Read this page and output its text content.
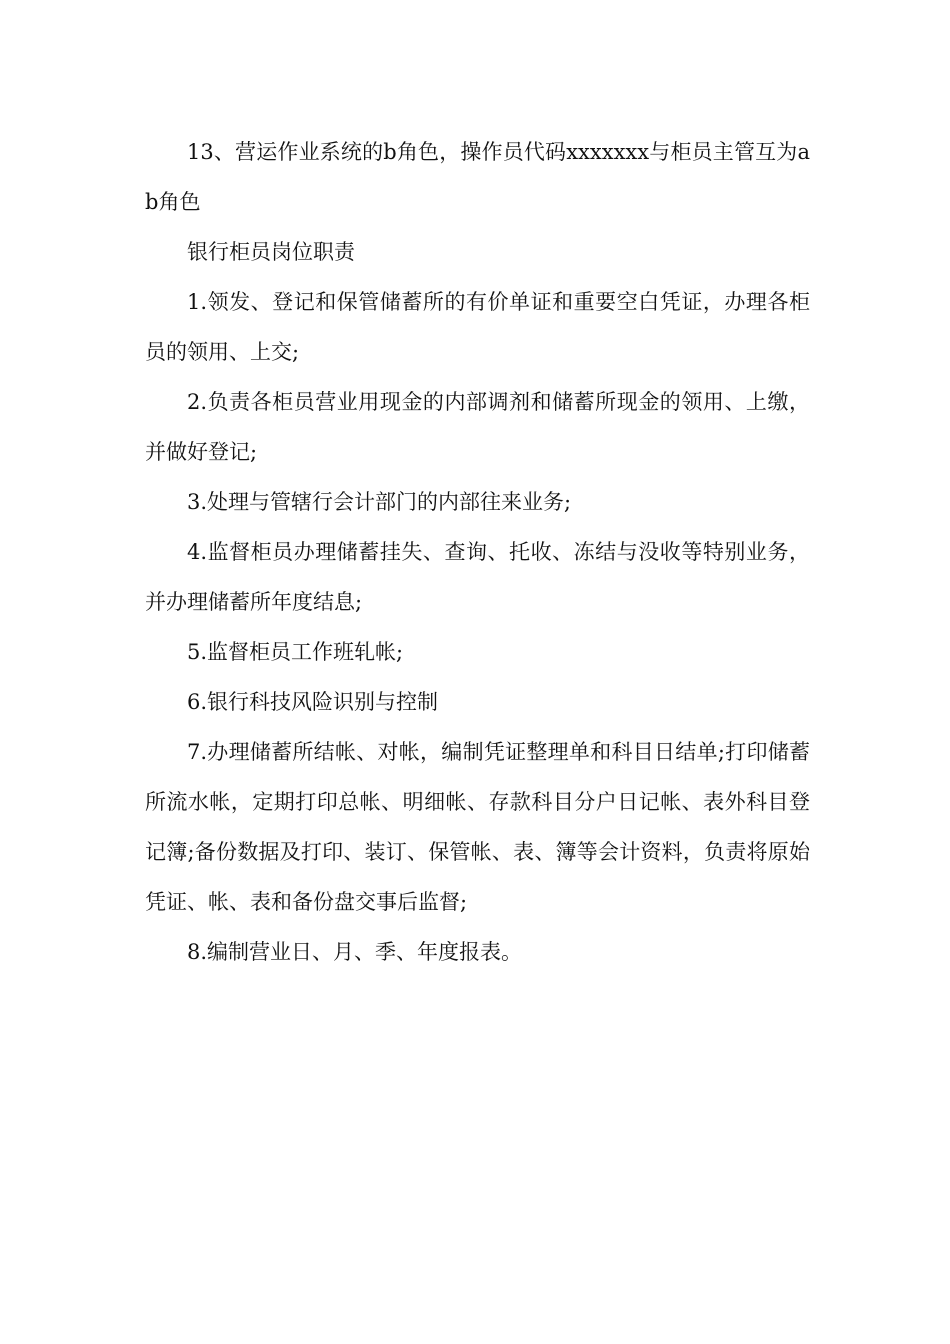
13、营运作业系统的b角色，操作员代码xxxxxxx与柜员主管互为ab角色

银行柜员岗位职责

1.领发、登记和保管储蓄所的有价单证和重要空白凭证，办理各柜员的领用、上交;

2.负责各柜员营业用现金的内部调剂和储蓄所现金的领用、上缴，并做好登记;

3.处理与管辖行会计部门的内部往来业务;

4.监督柜员办理储蓄挂失、查询、托收、冻结与没收等特别业务，并办理储蓄所年度结息;

5.监督柜员工作班轧帐;

6.银行科技风险识别与控制

7.办理储蓄所结帐、对帐，编制凭证整理单和科目日结单;打印储蓄所流水帐，定期打印总帐、明细帐、存款科目分户日记帐、表外科目登记簿;备份数据及打印、装订、保管帐、表、簿等会计资料，负责将原始凭证、帐、表和备份盘交事后监督;

8.编制营业日、月、季、年度报表。
